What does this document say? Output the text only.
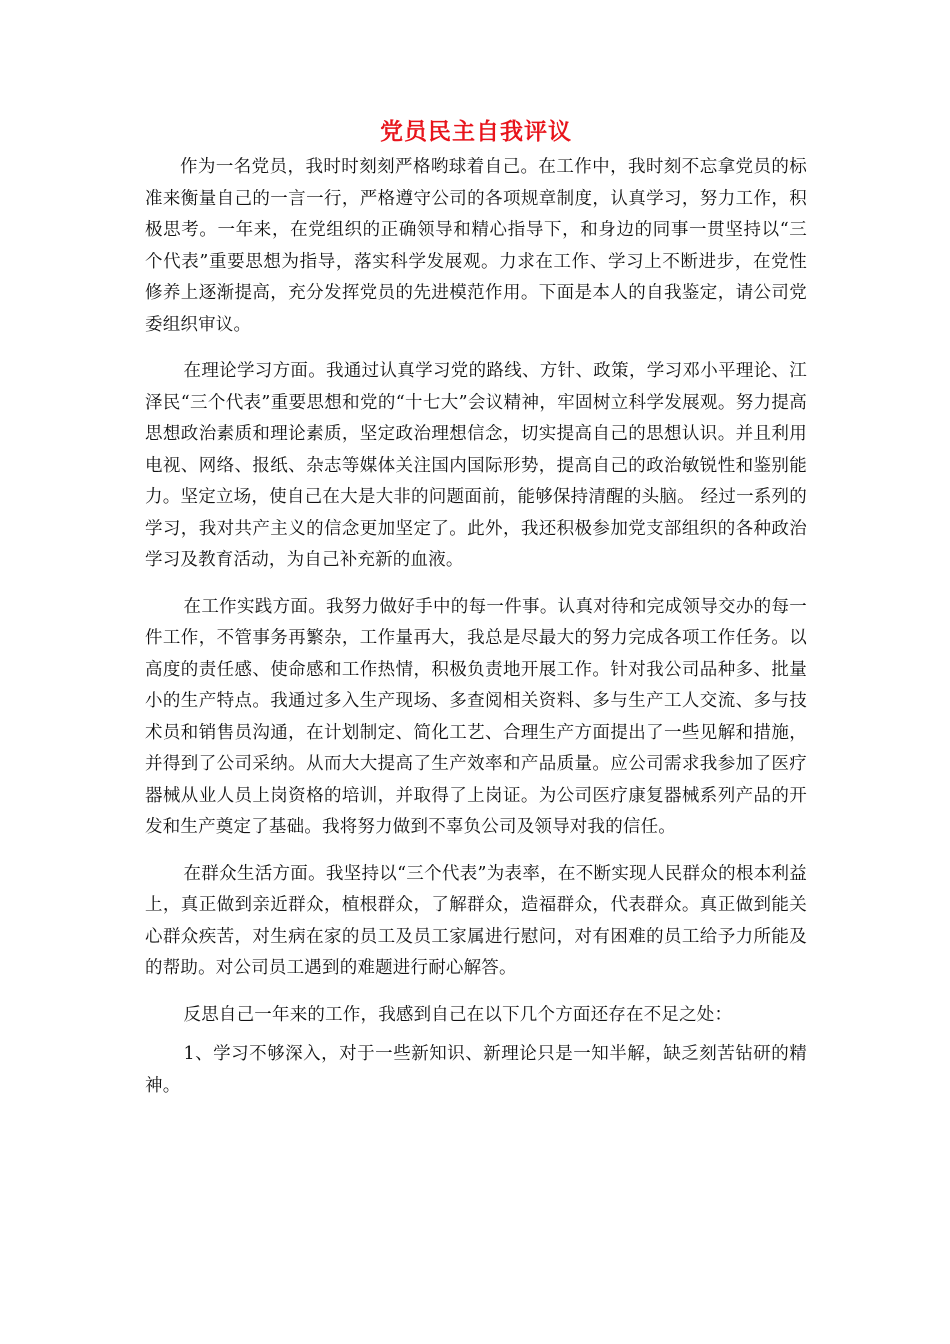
党员民主自我评议

作为一名党员，我时时刻刻严格哟球着自己。在工作中，我时刻不忘拿党员的标准来衡量自己的一言一行，严格遵守公司的各项规章制度，认真学习，努力工作，积极思考。一年来，在党组织的正确领导和精心指导下，和身边的同事一贯坚持以“三个代表”重要思想为指导，落实科学发展观。力求在工作、学习上不断进步，在党性修养上逐渐提高，充分发挥党员的先进模范作用。下面是本人的自我鉴定，请公司党委组织审议。

在理论学习方面。我通过认真学习党的路线、方针、政策，学习邓小平理论、江泽民“三个代表”重要思想和党的“十七大”会议精神，牢固树立科学发展观。努力提高思想政治素质和理论素质，坚定政治理想信念，切实提高自己的思想认识。并且利用电视、网络、报纸、杂志等媒体关注国内国际形势，提高自己的政治敏锐性和鉴别能力。坚定立场，使自己在大是大非的问题面前，能够保持清醒的头脑。 经过一系列的学习，我对共产主义的信念更加坚定了。此外，我还积极参加党支部组织的各种政治学习及教育活动，为自己补充新的血液。

在工作实践方面。我努力做好手中的每一件事。认真对待和完成领导交办的每一件工作，不管事务再繁杂，工作量再大，我总是尽最大的努力完成各项工作任务。以高度的责任感、使命感和工作热情，积极负责地开展工作。针对我公司品种多、批量小的生产特点。我通过多入生产现场、多查阅相关资料、多与生产工人交流、多与技术员和销售员沟通，在计划制定、简化工艺、合理生产方面提出了一些见解和措施，并得到了公司采纳。从而大大提高了生产效率和产品质量。应公司需求我参加了医疗器械从业人员上岗资格的培训，并取得了上岗证。为公司医疗康复器械系列产品的开发和生产奠定了基础。我将努力做到不辜负公司及领导对我的信任。

在群众生活方面。我坚持以“三个代表”为表率，在不断实现人民群众的根本利益上，真正做到亲近群众，植根群众，了解群众，造福群众，代表群众。真正做到能关心群众疾苦，对生病在家的员工及员工家属进行慰问，对有困难的员工给予力所能及的帮助。对公司员工遇到的难题进行耐心解答。

反思自己一年来的工作，我感到自己在以下几个方面还存在不足之处：

1、学习不够深入，对于一些新知识、新理论只是一知半解，缺乏刻苦钻研的精神。
